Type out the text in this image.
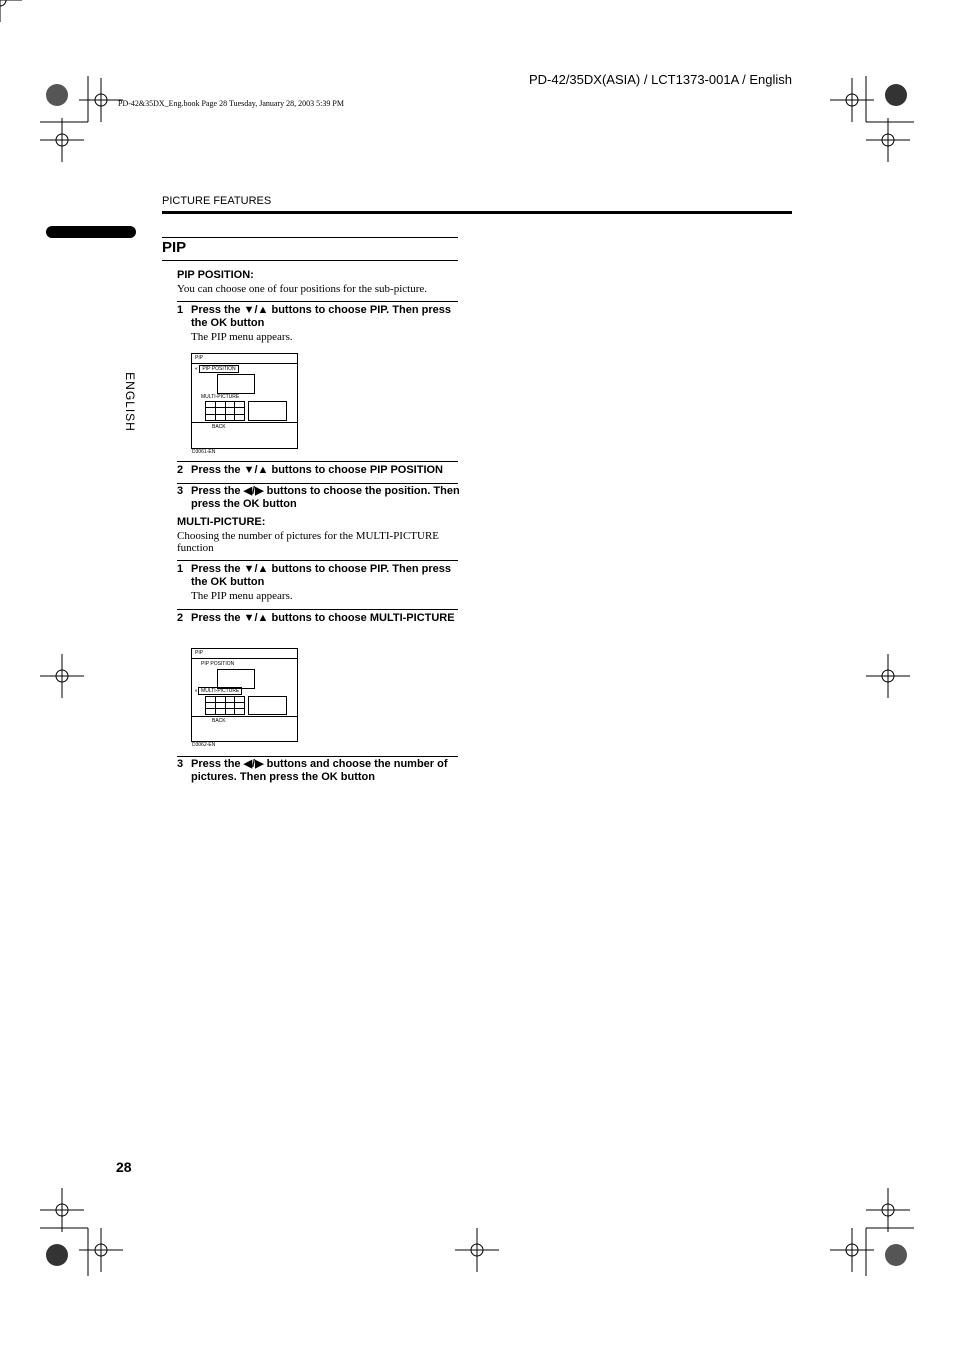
PD-42/35DX(ASIA) / LCT1373-001A / English
PD-42&35DX_Eng.book Page 28 Tuesday, January 28, 2003 5:39 PM
PICTURE FEATURES
ENGLISH
PIP
PIP POSITION:
You can choose one of four positions for the sub-picture.
1 Press the ▼/▲ buttons to choose PIP. Then press the OK button
The PIP menu appears.
PIP
◐ PIP POSITION
MULTI-PICTURE
BACK
D3061-EN
2 Press the ▼/▲ buttons to choose PIP POSITION
3 Press the ◀/▶ buttons to choose the position. Then press the OK button
MULTI-PICTURE:
Choosing the number of pictures for the MULTI-PICTURE function
1 Press the ▼/▲ buttons to choose PIP. Then press the OK button
The PIP menu appears.
2 Press the ▼/▲ buttons to choose MULTI-PICTURE
PIP
PIP POSITION
◐ MULTI-PICTURE
BACK
D3062-EN
3 Press the ◀/▶ buttons and choose the number of pictures. Then press the OK button
28
